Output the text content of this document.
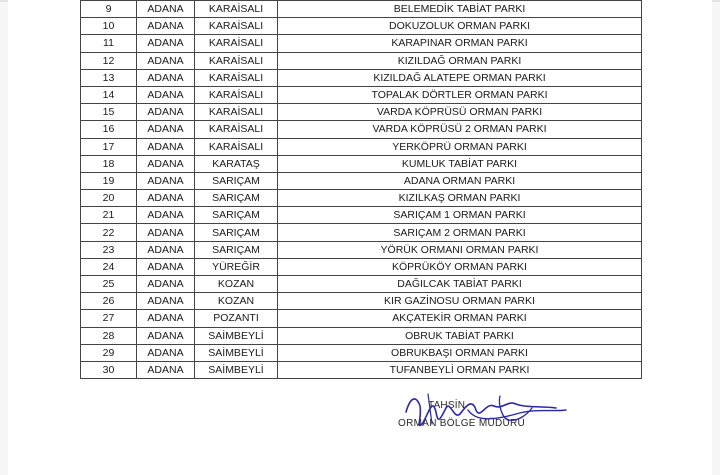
9	ADANA	KARAİSALI	BELEMEDİK TABİAT PARKI
10	ADANA	KARAİSALI	DOKUZOLUK ORMAN PARKI
11	ADANA	KARAİSALI	KARAPINAR ORMAN PARKI
12	ADANA	KARAİSALI	KIZILDAĞ ORMAN PARKI
13	ADANA	KARAİSALI	KIZILDAĞ ALATEPE ORMAN PARKI
14	ADANA	KARAİSALI	TOPALAK DÖRTLER ORMAN PARKI
15	ADANA	KARAİSALI	VARDA KÖPRÜSÜ ORMAN PARKI
16	ADANA	KARAİSALI	VARDA KÖPRÜSÜ 2 ORMAN PARKI
17	ADANA	KARAİSALI	YERKÖPRÜ ORMAN PARKI
18	ADANA	KARATAŞ	KUMLUK TABİAT PARKI
19	ADANA	SARIÇAM	ADANA ORMAN PARKI
20	ADANA	SARIÇAM	KIZILKAŞ ORMAN PARKI
21	ADANA	SARIÇAM	SARIÇAM 1 ORMAN PARKI
22	ADANA	SARIÇAM	SARIÇAM 2 ORMAN PARKI
23	ADANA	SARIÇAM	YÖRÜK ORMANI ORMAN PARKI
24	ADANA	YÜREĞİR	KÖPRÜKÖY ORMAN PARKI
25	ADANA	KOZAN	DAĞILCAK TABİAT PARKI
26	ADANA	KOZAN	KIR GAZİNOSU ORMAN PARKI
27	ADANA	POZANTI	AKÇATEKİR ORMAN PARKI
28	ADANA	SAİMBEYLİ	OBRUK TABİAT PARKI
29	ADANA	SAİMBEYLİ	OBRUKBAŞI ORMAN PARKI
30	ADANA	SAİMBEYLİ	TUFANBEYLİ ORMAN PARKI
TAHSİN
ORMAN BÖLGE MÜDÜRÜ
